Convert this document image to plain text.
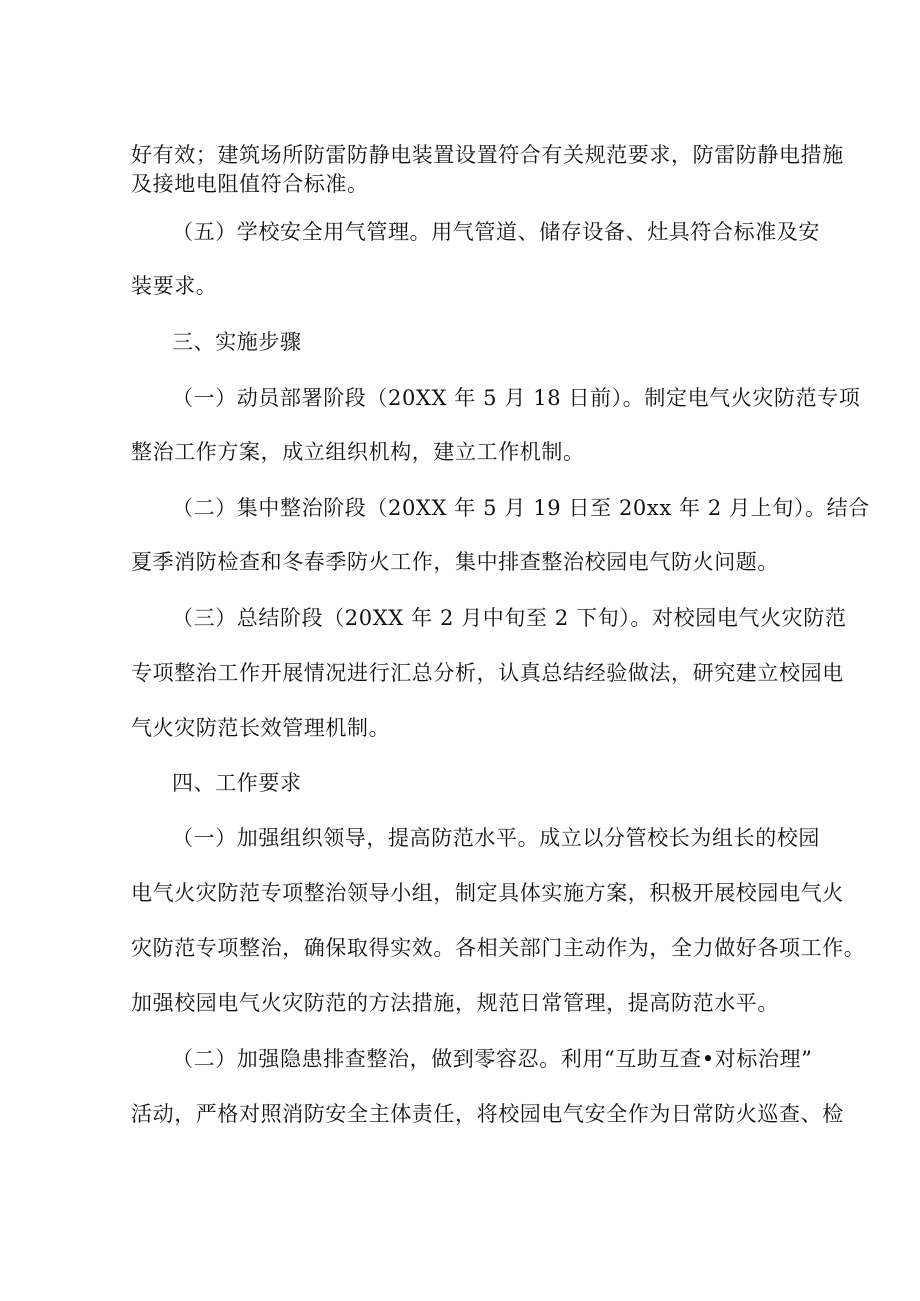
好有效；建筑场所防雷防静电装置设置符合有关规范要求，防雷防静电措施
及接地电阻值符合标准。
（五）学校安全用气管理。用气管道、储存设备、灶具符合标准及安
装要求。
三、实施步骤
（一）动员部署阶段（20XX 年 5 月 18 日前）。制定电气火灾防范专项
整治工作方案，成立组织机构，建立工作机制。
（二）集中整治阶段（20XX 年 5 月 19 日至 20xx 年 2 月上旬）。结合
夏季消防检查和冬春季防火工作，集中排查整治校园电气防火问题。
（三）总结阶段（20XX 年 2 月中旬至 2 下旬）。对校园电气火灾防范
专项整治工作开展情况进行汇总分析，认真总结经验做法，研究建立校园电
气火灾防范长效管理机制。
四、工作要求
（一）加强组织领导，提高防范水平。成立以分管校长为组长的校园
电气火灾防范专项整治领导小组，制定具体实施方案，积极开展校园电气火
灾防范专项整治，确保取得实效。各相关部门主动作为，全力做好各项工作。
加强校园电气火灾防范的方法措施，规范日常管理，提高防范水平。
（二）加强隐患排查整治，做到零容忍。利用“互助互查•对标治理”
活动，严格对照消防安全主体责任，将校园电气安全作为日常防火巡查、检
